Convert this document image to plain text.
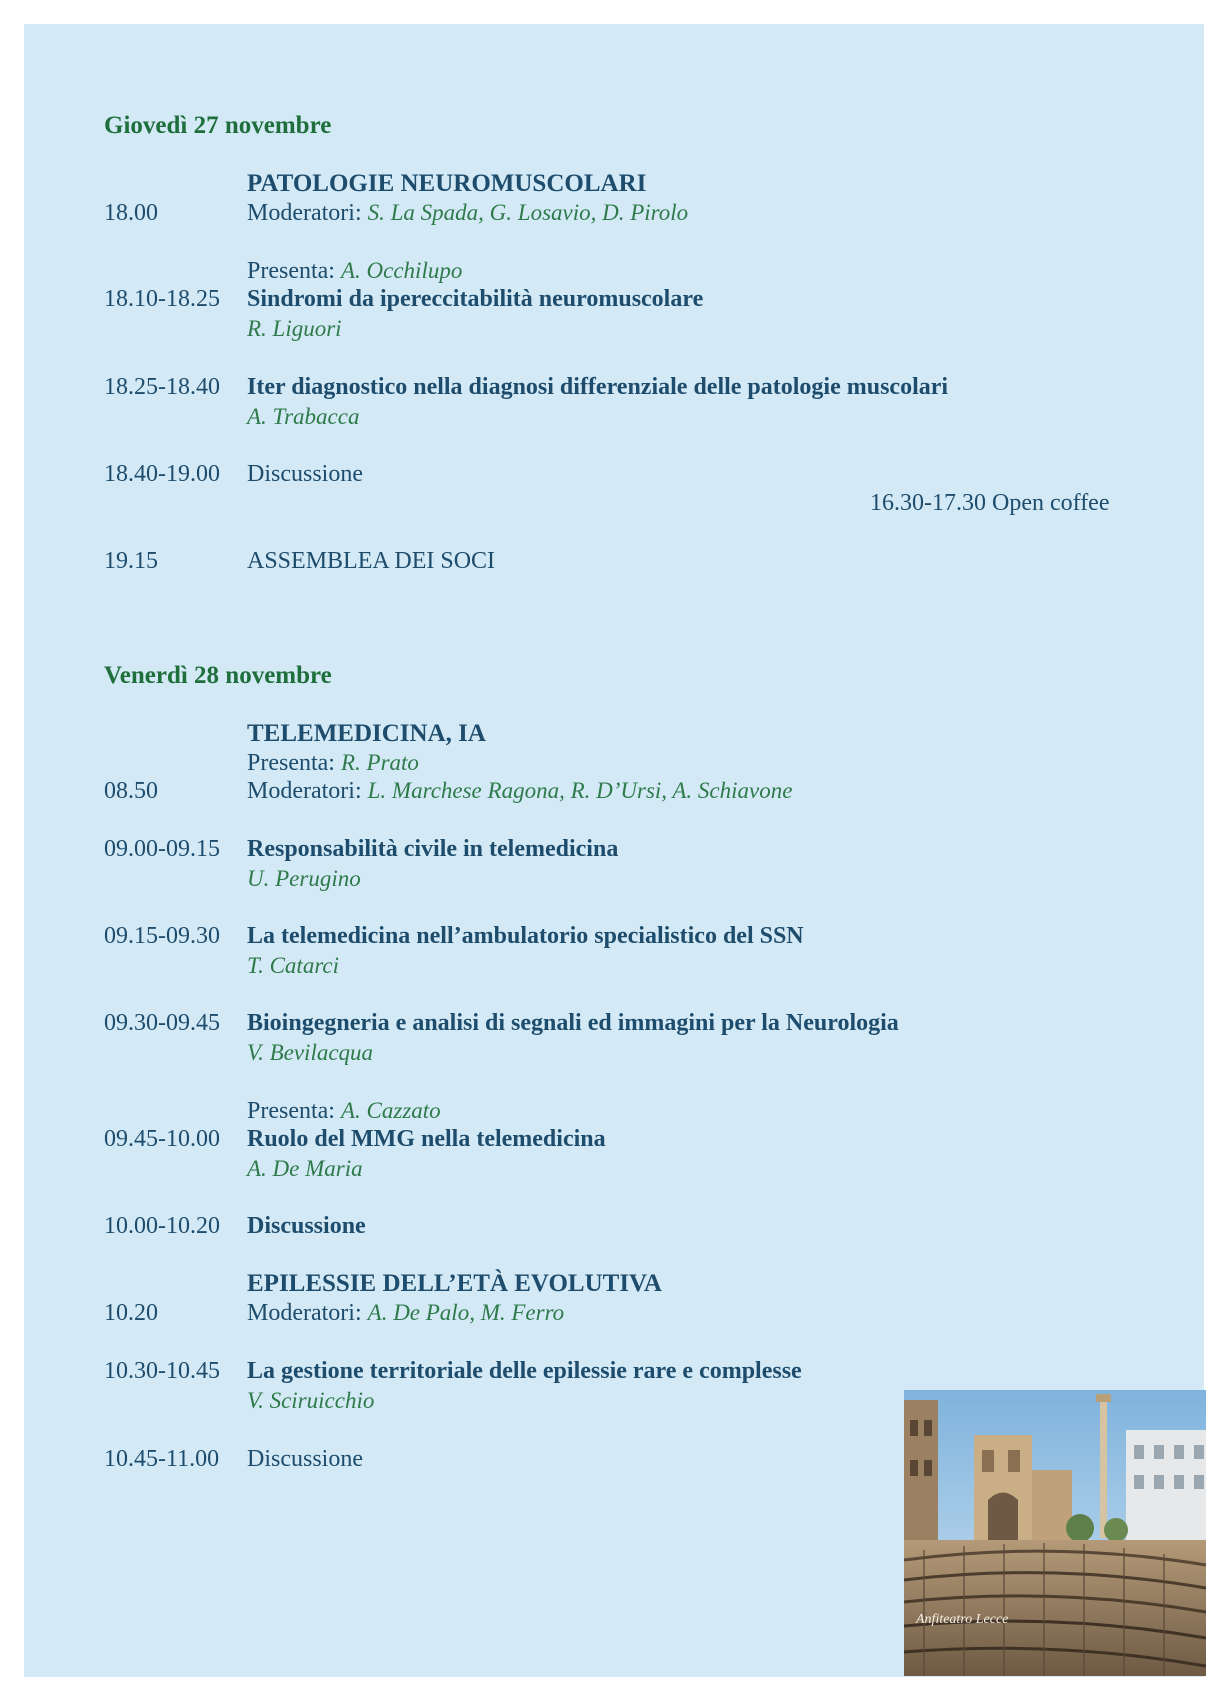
Giovedì 27 novembre
PATOLOGIE NEUROMUSCOLARI
18.00	Moderatori: S. La Spada, G. Losavio, D. Pirolo
Presenta: A. Occhilupo
18.10-18.25 Sindromi da ipereccitabilità neuromuscolare
R. Liguori
18.25-18.40 Iter diagnostico nella diagnosi differenziale delle patologie muscolari
A. Trabacca
18.40-19.00 Discussione
16.30-17.30 Open coffee
19.15	ASSEMBLEA DEI SOCI
Venerdì 28 novembre
TELEMEDICINA, IA
Presenta: R. Prato
08.50	Moderatori: L. Marchese Ragona, R. D’Ursi, A. Schiavone
09.00-09.15 Responsabilità civile in telemedicina
U. Perugino
09.15-09.30 La telemedicina nell’ambulatorio specialistico del SSN
T. Catarci
09.30-09.45 Bioingegneria e analisi di segnali ed immagini per la Neurologia
V. Bevilacqua
Presenta: A. Cazzato
09.45-10.00 Ruolo del MMG nella telemedicina
A. De Maria
10.00-10.20 Discussione
EPILESSIE DELL’ETÀ EVOLUTIVA
10.20	Moderatori: A. De Palo, M. Ferro
10.30-10.45 La gestione territoriale delle epilessie rare e complesse
V. Sciruicchio
10.45-11.00 Discussione
Anfiteatro Lecce
